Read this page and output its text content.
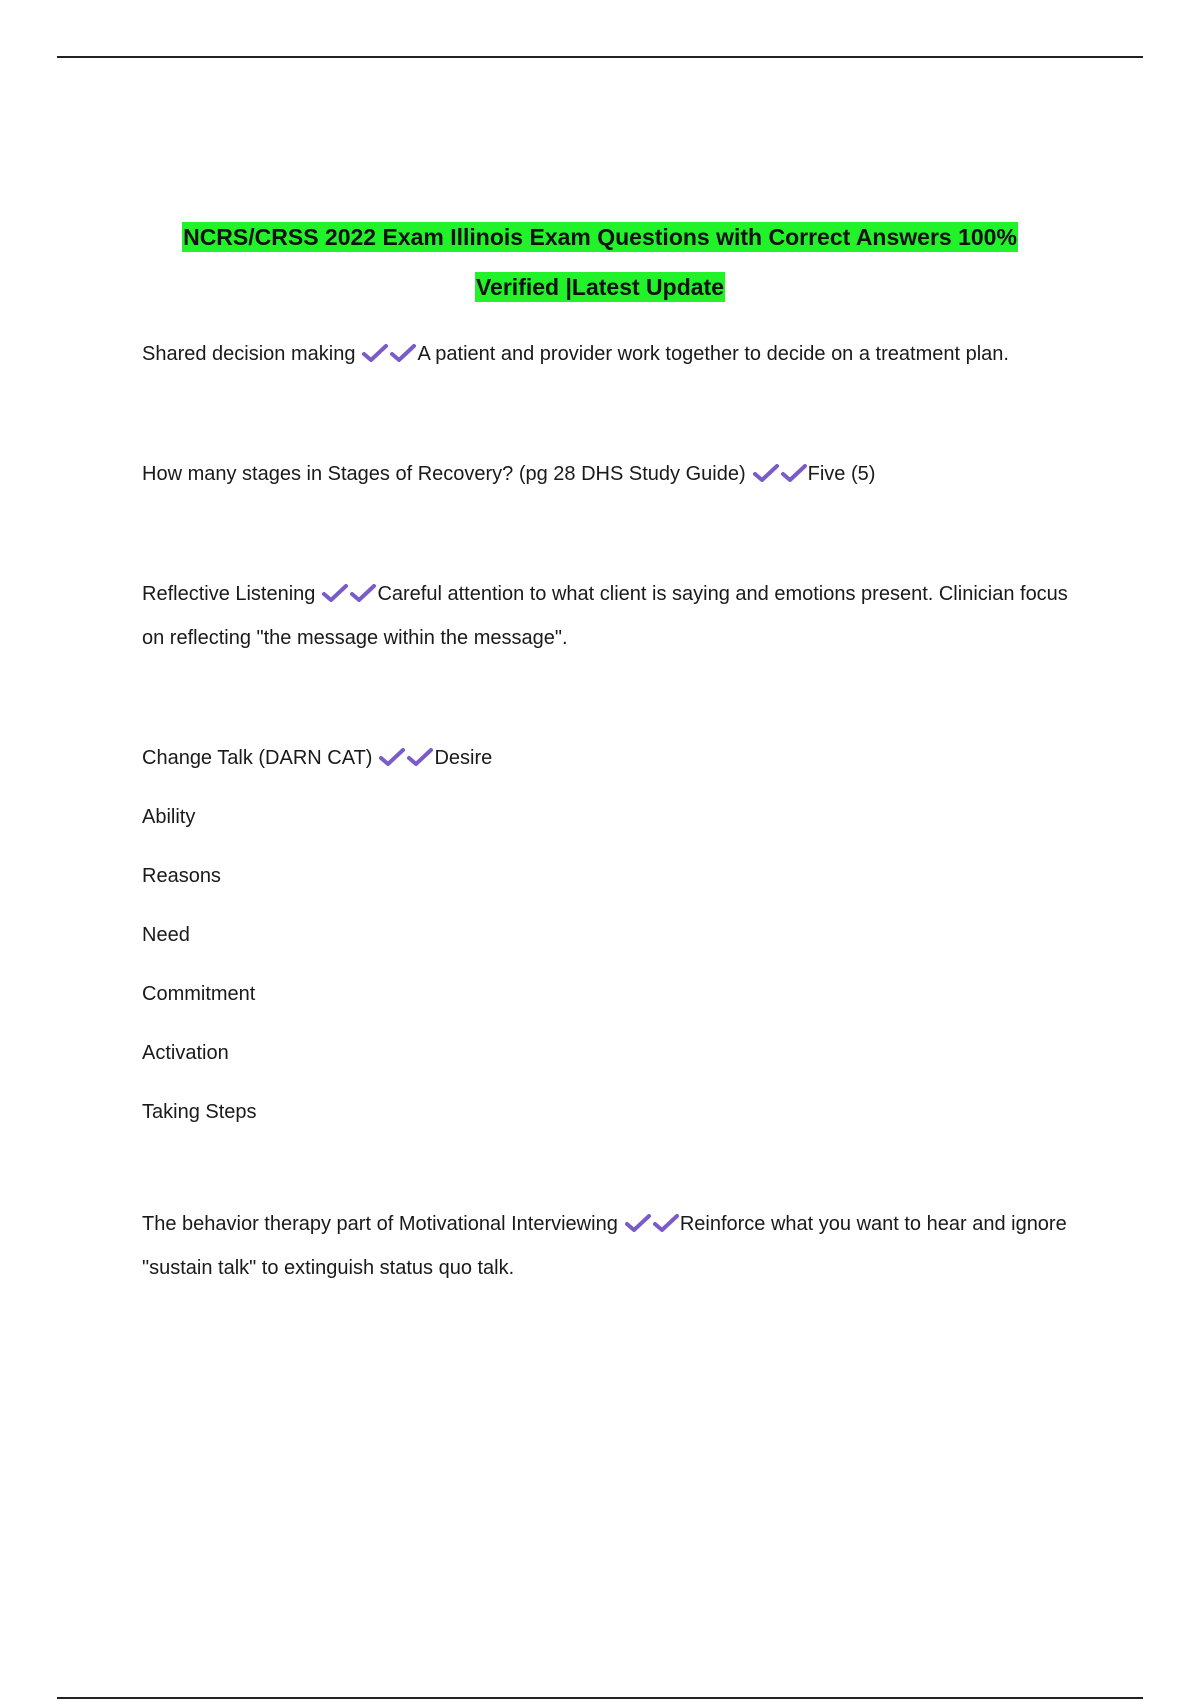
NCRS/CRSS 2022 Exam Illinois Exam Questions with Correct Answers 100%
Verified |Latest Update

Shared decision making	A patient and provider work together to decide on a treatment plan.

How many stages in Stages of Recovery? (pg 28 DHS Study Guide)	Five (5)

Reflective Listening	Careful attention to what client is saying and emotions present. Clinician focus on reflecting "the message within the message".

Change Talk (DARN CAT)	Desire
Ability
Reasons
Need
Commitment
Activation
Taking Steps

The behavior therapy part of Motivational Interviewing	Reinforce what you want to hear and ignore "sustain talk" to extinguish status quo talk.
